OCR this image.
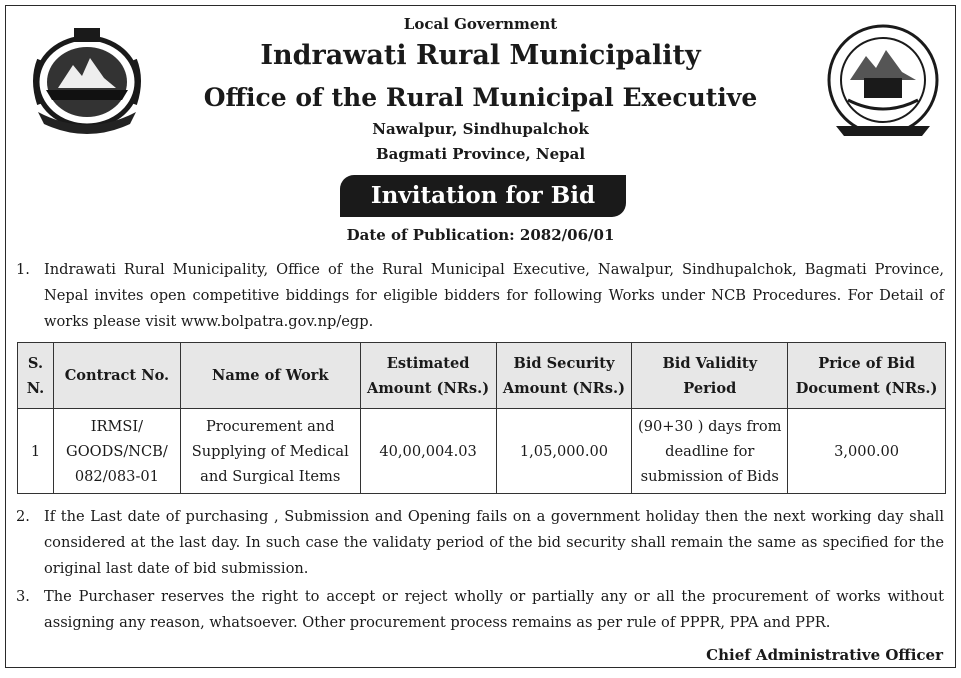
Local Government
Indrawati Rural Municipality
Office of the Rural Municipal Executive
Nawalpur, Sindhupalchok
Bagmati Province, Nepal
Invitation for Bid
Date of Publication: 2082/06/01
1. Indrawati Rural Municipality, Office of the Rural Municipal Executive, Nawalpur, Sindhupalchok, Bagmati Province, Nepal invites open competitive biddings for eligible bidders for following Works under NCB Procedures. For Detail of works please visit www.bolpatra.gov.np/egp.
S. N.	Contract No.	Name of Work	Estimated Amount (NRs.)	Bid Security Amount (NRs.)	Bid Validity Period	Price of Bid Document (NRs.)
1	IRMSI/ GOODS/NCB/ 082/083-01	Procurement and Supplying of Medical and Surgical Items	40,00,004.03	1,05,000.00	(90+30 ) days from deadline for submission of Bids	3,000.00
2. If the Last date of purchasing , Submission and Opening fails on a government holiday then the next working day shall considered at the last day. In such case the validaty period of the bid security shall remain the same as specified for the original last date of bid submission.
3. The Purchaser reserves the right to accept or reject wholly or partially any or all the procurement of works without assigning any reason, whatsoever. Other procurement process remains as per rule of PPPR, PPA and PPR.
Chief Administrative Officer
